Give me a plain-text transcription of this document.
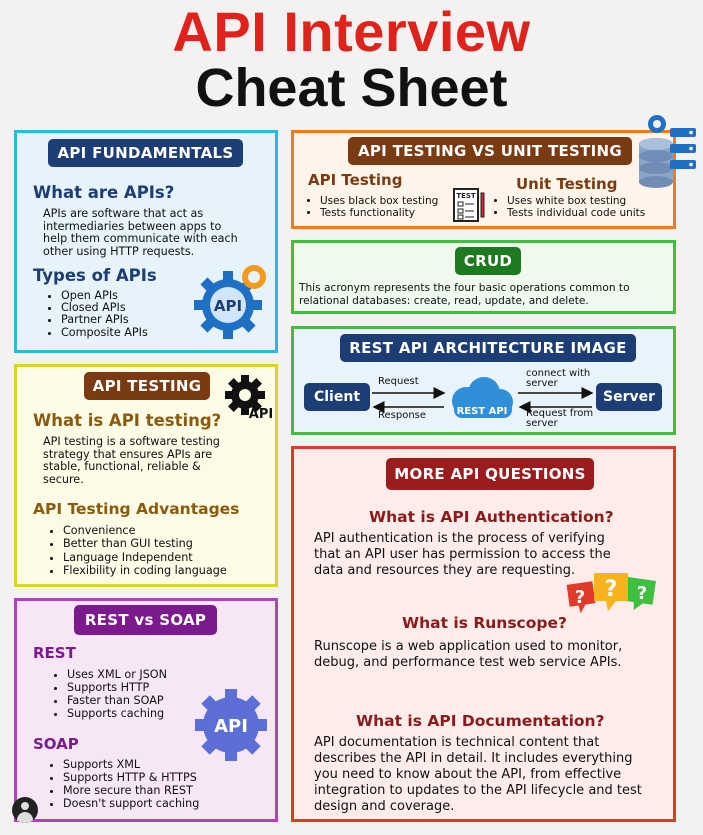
API Interview
Cheat Sheet
API FUNDAMENTALS
What are APIs?
APIs are software that act as intermediaries between apps to help them communicate with each other using HTTP requests.
Types of APIs
• Open APIs
• Closed APIs
• Partner APIs
• Composite APIs
API
API TESTING VS UNIT TESTING
API Testing
• Uses black box testing
• Tests functionality
TEST
Unit Testing
• Uses white box testing
• Tests individual code units
CRUD
This acronym represents the four basic operations common to relational databases: create, read, update, and delete.
REST API ARCHITECTURE IMAGE
Client	Server
REST API
Request
Response
connect with server
Request from server
API TESTING
API
What is API testing?
API testing is a software testing strategy that ensures APIs are stable, functional, reliable & secure.
API Testing Advantages
• Convenience
• Better than GUI testing
• Language Independent
• Flexibility in coding language
MORE API QUESTIONS
What is API Authentication?
API authentication is the process of verifying that an API user has permission to access the data and resources they are requesting.
? ? ?
What is Runscope?
Runscope is a web application used to monitor, debug, and performance test web service APIs.
What is API Documentation?
API documentation is technical content that describes the API in detail. It includes everything you need to know about the API, from effective integration to updates to the API lifecycle and test design and coverage.
REST vs SOAP
REST
• Uses XML or JSON
• Supports HTTP
• Faster than SOAP
• Supports caching
SOAP
• Supports XML
• Supports HTTP & HTTPS
• More secure than REST
• Doesn't support caching
API
